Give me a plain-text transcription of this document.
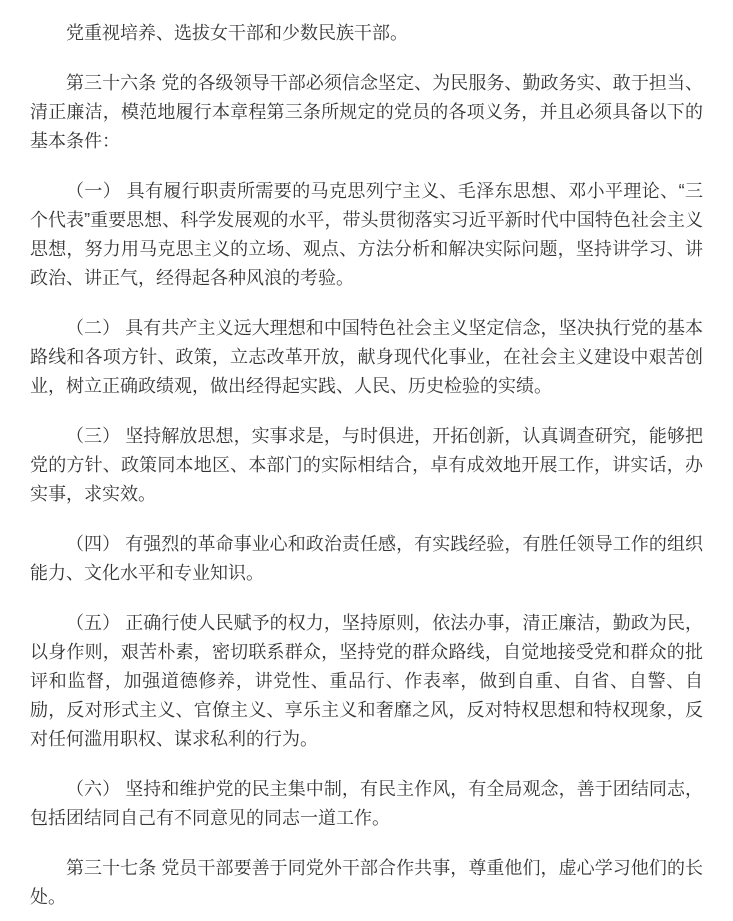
党重视培养、选拔女干部和少数民族干部。

第三十六条 党的各级领导干部必须信念坚定、为民服务、勤政务实、敢于担当、清正廉洁，模范地履行本章程第三条所规定的党员的各项义务，并且必须具备以下的基本条件：

（一） 具有履行职责所需要的马克思列宁主义、毛泽东思想、邓小平理论、“三个代表”重要思想、科学发展观的水平，带头贯彻落实习近平新时代中国特色社会主义思想，努力用马克思主义的立场、观点、方法分析和解决实际问题，坚持讲学习、讲政治、讲正气，经得起各种风浪的考验。

（二） 具有共产主义远大理想和中国特色社会主义坚定信念，坚决执行党的基本路线和各项方针、政策，立志改革开放，献身现代化事业，在社会主义建设中艰苦创业，树立正确政绩观，做出经得起实践、人民、历史检验的实绩。

（三） 坚持解放思想，实事求是，与时俱进，开拓创新，认真调查研究，能够把党的方针、政策同本地区、本部门的实际相结合，卓有成效地开展工作，讲实话，办实事，求实效。

（四） 有强烈的革命事业心和政治责任感，有实践经验，有胜任领导工作的组织能力、文化水平和专业知识。

（五） 正确行使人民赋予的权力，坚持原则，依法办事，清正廉洁，勤政为民，以身作则，艰苦朴素，密切联系群众，坚持党的群众路线，自觉地接受党和群众的批评和监督，加强道德修养，讲党性、重品行、作表率，做到自重、自省、自警、自励，反对形式主义、官僚主义、享乐主义和奢靡之风，反对特权思想和特权现象，反对任何滥用职权、谋求私利的行为。

（六） 坚持和维护党的民主集中制，有民主作风，有全局观念，善于团结同志，包括团结同自己有不同意见的同志一道工作。

第三十七条 党员干部要善于同党外干部合作共事，尊重他们，虚心学习他们的长处。
